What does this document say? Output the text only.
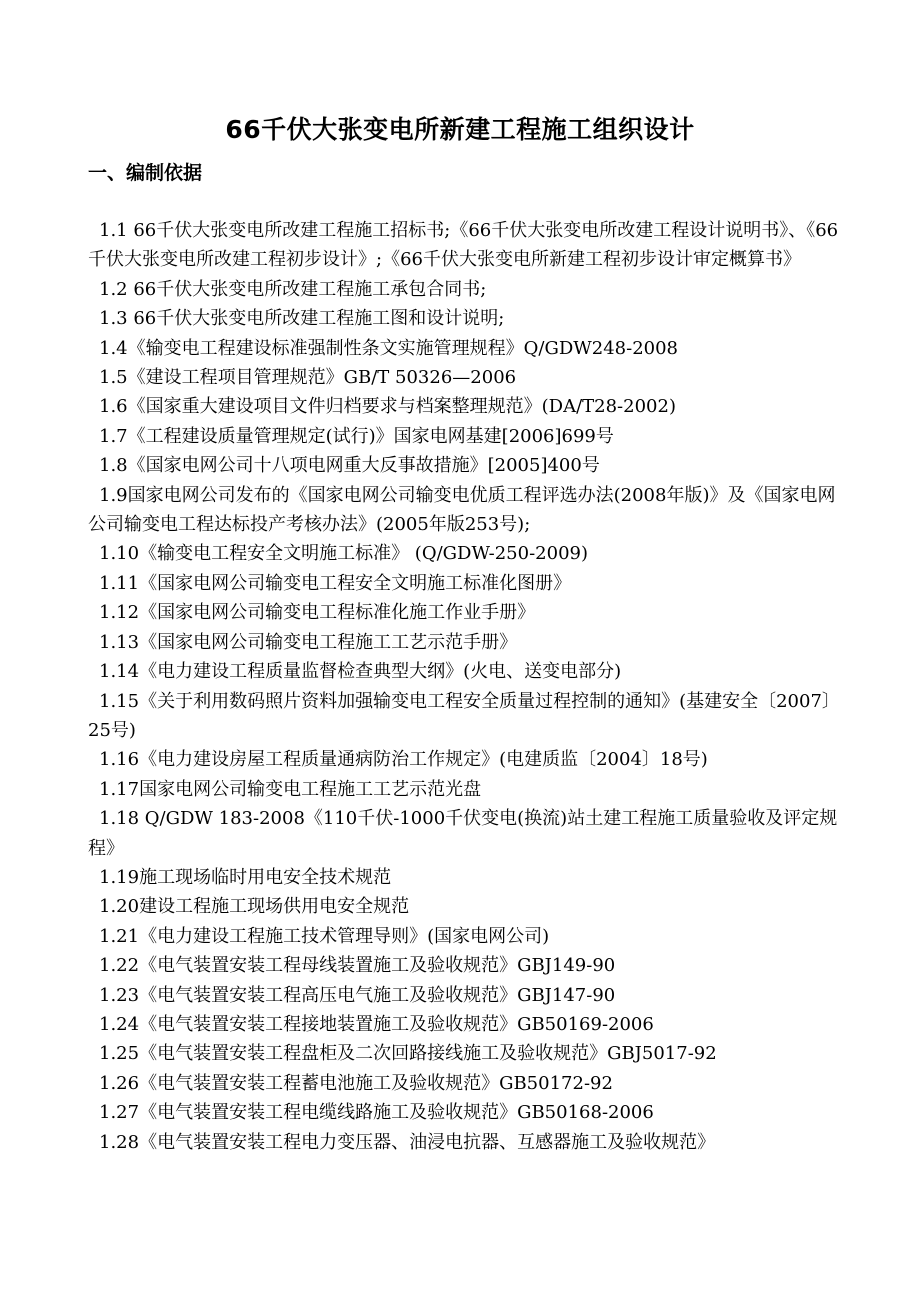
66千伏大张变电所新建工程施工组织设计
一、编制依据

1.1 66千伏大张变电所改建工程施工招标书;《66千伏大张变电所改建工程设计说明书》、《66千伏大张变电所改建工程初步设计》;《66千伏大张变电所新建工程初步设计审定概算书》

1.2 66千伏大张变电所改建工程施工承包合同书;

1.3 66千伏大张变电所改建工程施工图和设计说明;

1.4《输变电工程建设标准强制性条文实施管理规程》Q/GDW248-2008

1.5《建设工程项目管理规范》GB/T 50326—2006

1.6《国家重大建设项目文件归档要求与档案整理规范》(DA/T28-2002)

1.7《工程建设质量管理规定(试行)》国家电网基建[2006]699号

1.8《国家电网公司十八项电网重大反事故措施》[2005]400号

1.9国家电网公司发布的《国家电网公司输变电优质工程评选办法(2008年版)》及《国家电网公司输变电工程达标投产考核办法》(2005年版253号);

1.10《输变电工程安全文明施工标准》 (Q/GDW-250-2009)

1.11《国家电网公司输变电工程安全文明施工标准化图册》

1.12《国家电网公司输变电工程标准化施工作业手册》

1.13《国家电网公司输变电工程施工工艺示范手册》

1.14《电力建设工程质量监督检查典型大纲》(火电、送变电部分)

1.15《关于利用数码照片资料加强输变电工程安全质量过程控制的通知》(基建安全〔2007〕25号)

1.16《电力建设房屋工程质量通病防治工作规定》(电建质监〔2004〕18号)

1.17国家电网公司输变电工程施工工艺示范光盘

1.18 Q/GDW 183-2008《110千伏-1000千伏变电(换流)站土建工程施工质量验收及评定规程》

1.19施工现场临时用电安全技术规范

1.20建设工程施工现场供用电安全规范

1.21《电力建设工程施工技术管理导则》(国家电网公司)

1.22《电气装置安装工程母线装置施工及验收规范》GBJ149-90

1.23《电气装置安装工程高压电气施工及验收规范》GBJ147-90

1.24《电气装置安装工程接地装置施工及验收规范》GB50169-2006

1.25《电气装置安装工程盘柜及二次回路接线施工及验收规范》GBJ5017-92

1.26《电气装置安装工程蓄电池施工及验收规范》GB50172-92

1.27《电气装置安装工程电缆线路施工及验收规范》GB50168-2006

1.28《电气装置安装工程电力变压器、油浸电抗器、互感器施工及验收规范》
